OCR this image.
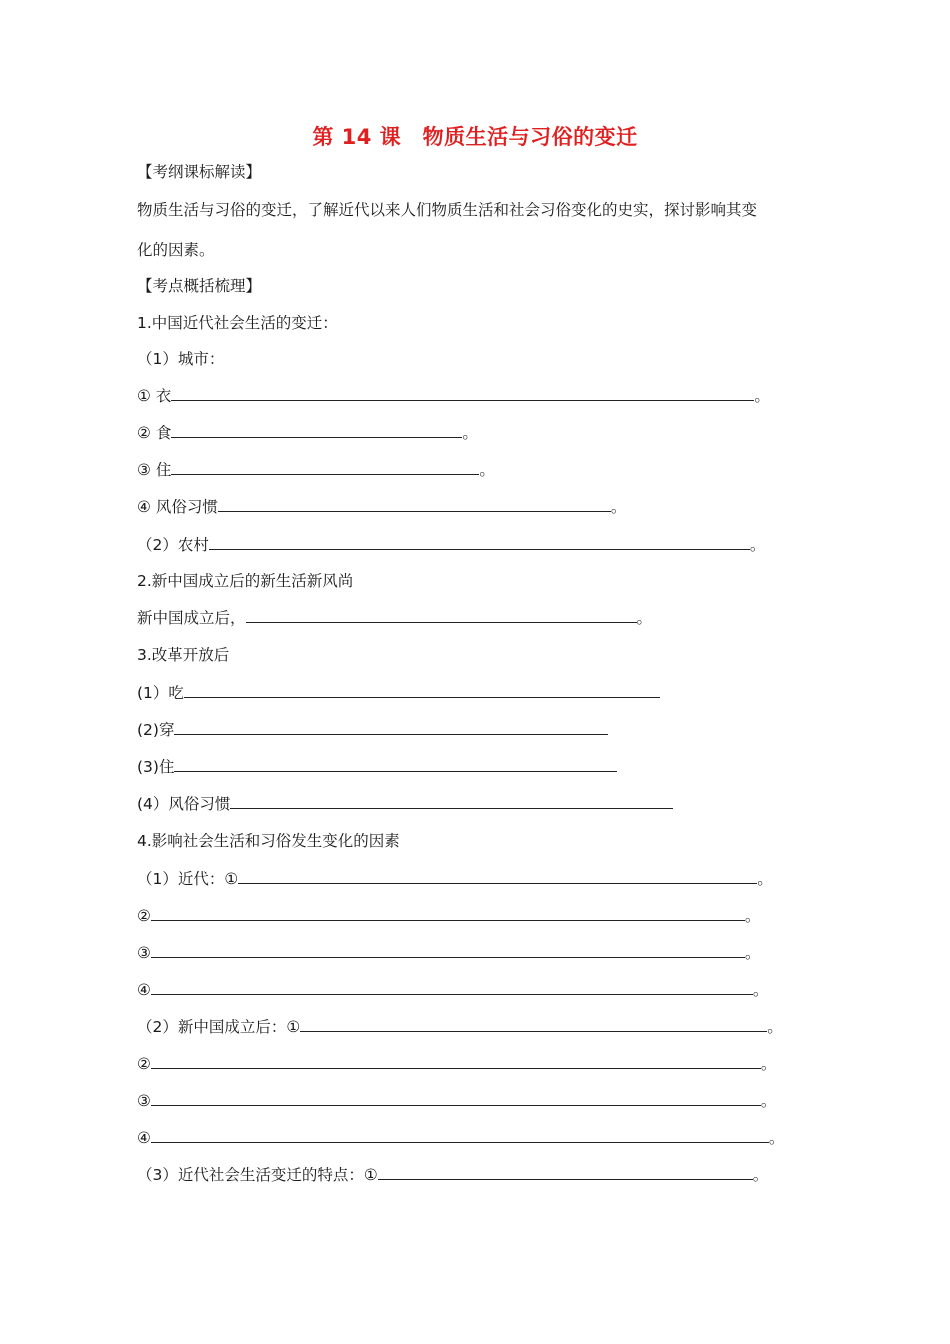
第 14 课　物质生活与习俗的变迁
【考纲课标解读】
物质生活与习俗的变迁，了解近代以来人们物质生活和社会习俗变化的史实，探讨影响其变
化的因素。
【考点概括梳理】
1.中国近代社会生活的变迁：
（1）城市：
① 衣	。
② 食	。
③ 住	。
④ 风俗习惯	。
（2）农村	。
2.新中国成立后的新生活新风尚
新中国成立后，	。
3.改革开放后
(1）吃
(2)穿
(3)住
(4）风俗习惯
4.影响社会生活和习俗发生变化的因素
（1）近代：①	。
②	。
③	。
④	。
（2）新中国成立后：①	。
②	。
③	。
④	。
（3）近代社会生活变迁的特点：①	。
